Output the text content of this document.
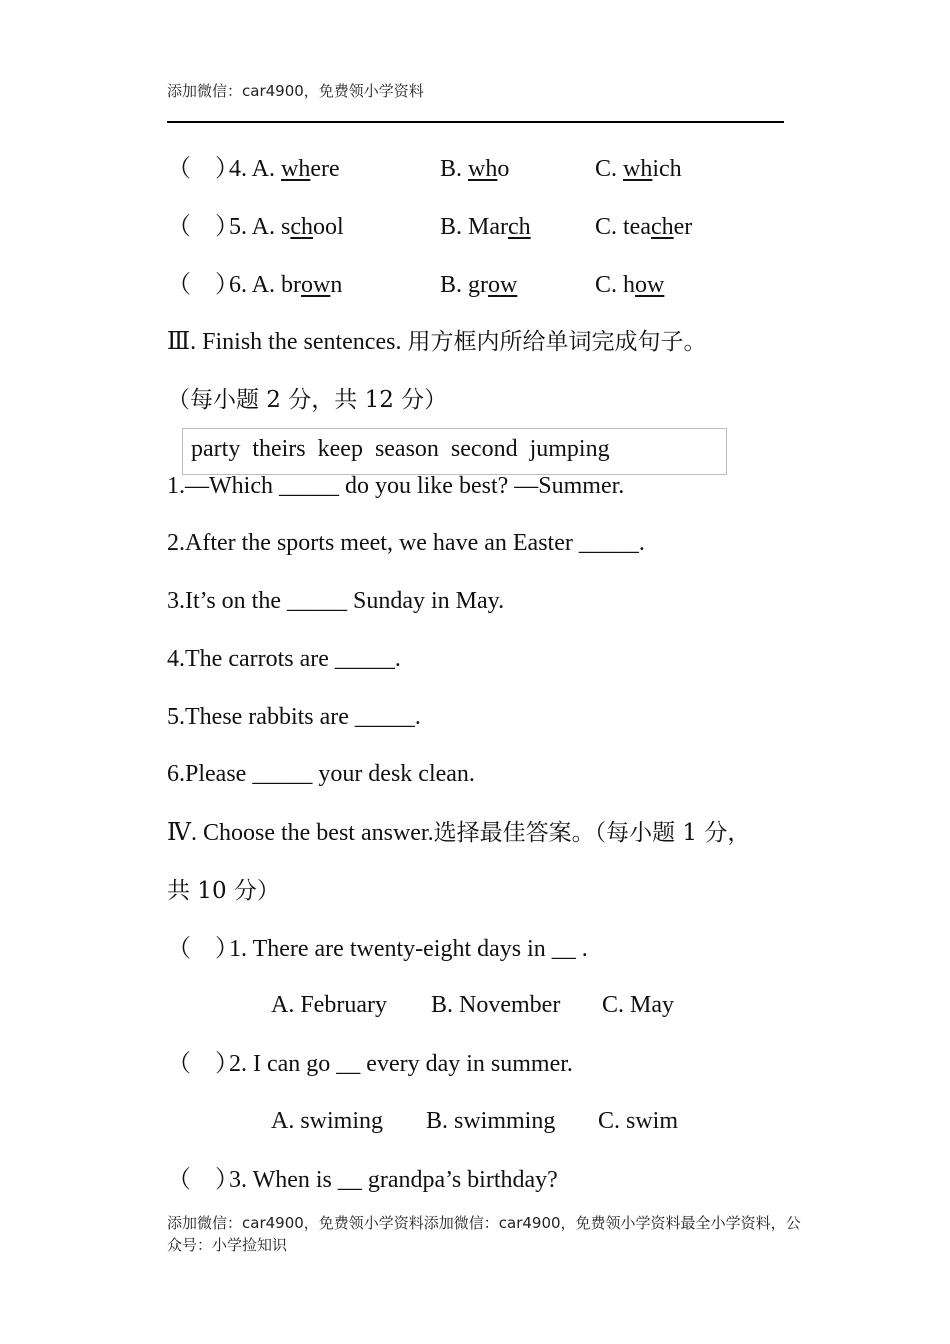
添加微信：car4900，免费领小学资料
（　）4. A. where	B. who	C. which
（　）5. A. school	B. March	C. teacher
（　）6. A. brown	B. grow	C. how
Ⅲ. Finish the sentences. 用方框内所给单词完成句子。
（每小题 2 分，共 12 分）
party theirs keep season second jumping
1.—Which _____ do you like best? —Summer.
2.After the sports meet, we have an Easter _____.
3.It’s on the _____ Sunday in May.
4.The carrots are _____.
5.These rabbits are _____.
6.Please _____ your desk clean.
Ⅳ. Choose the best answer.选择最佳答案。（每小题 1 分，
共 10 分）
（　）1. There are twenty-eight days in __ .
A. February B. November C. May
（　）2. I can go __ every day in summer.
A. swiming B. swimming C. swim
（　）3. When is __ grandpa’s birthday?
添加微信：car4900，免费领小学资料添加微信：car4900，免费领小学资料最全小学资料，公众号：小学捡知识
